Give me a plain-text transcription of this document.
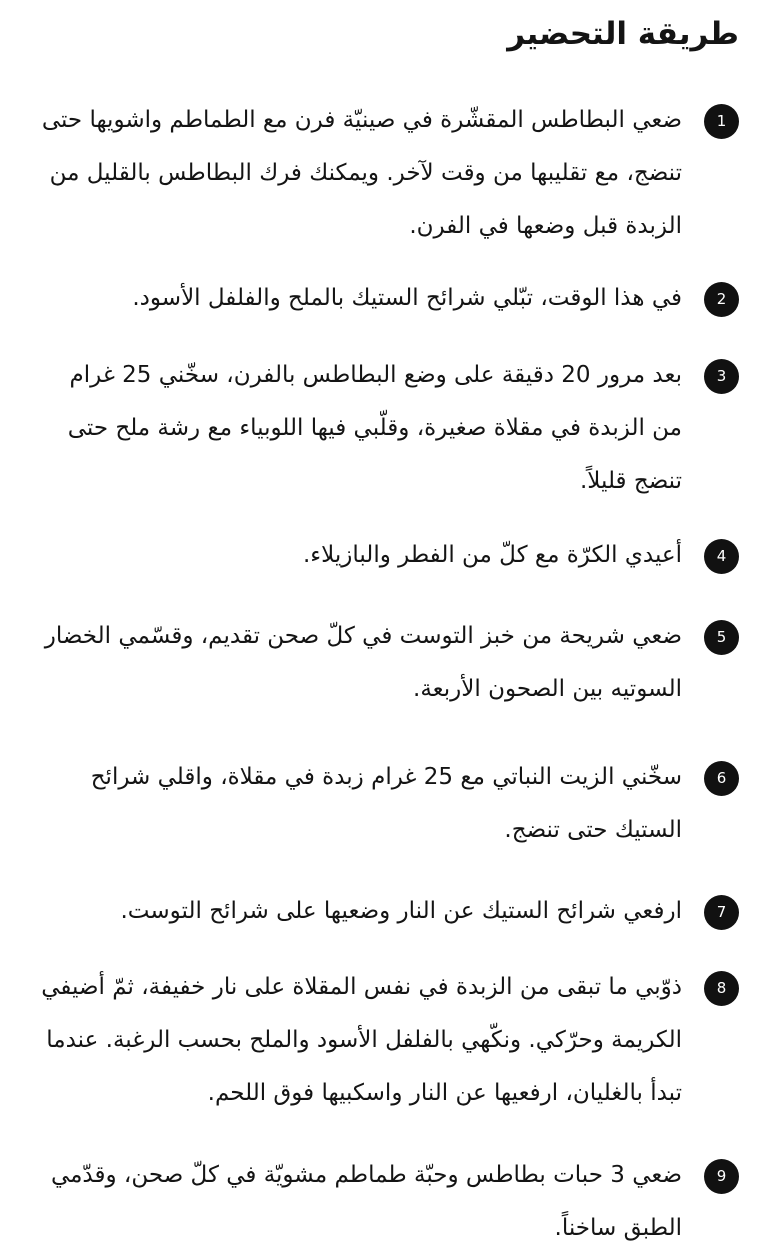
طريقة التحضير
1

ضعي البطاطس المقشّرة في صينيّة فرن مع الطماطم واشويها حتى تنضج، مع تقليبها من وقت لآخر. ويمكنك فرك البطاطس بالقليل من الزبدة قبل وضعها في الفرن.

2

في هذا الوقت، تبّلي شرائح الستيك بالملح والفلفل الأسود.

3

بعد مرور 20 دقيقة على وضع البطاطس بالفرن، سخّني 25 غرام من الزبدة في مقلاة صغيرة، وقلّبي فيها اللوبياء مع رشة ملح حتى تنضج قليلاً.

4

أعيدي الكرّة مع كلّ من الفطر والبازيلاء.

5

ضعي شريحة من خبز التوست في كلّ صحن تقديم، وقسّمي الخضار السوتيه بين الصحون الأربعة.

6

سخّني الزيت النباتي مع 25 غرام زبدة في مقلاة، واقلي شرائح الستيك حتى تنضج.

7

ارفعي شرائح الستيك عن النار وضعيها على شرائح التوست.

8

ذوّبي ما تبقى من الزبدة في نفس المقلاة على نار خفيفة، ثمّ أضيفي الكريمة وحرّكي. ونكّهي بالفلفل الأسود والملح بحسب الرغبة. عندما تبدأ بالغليان، ارفعيها عن النار واسكبيها فوق اللحم.

9

ضعي 3 حبات بطاطس وحبّة طماطم مشويّة في كلّ صحن، وقدّمي الطبق ساخناً.
